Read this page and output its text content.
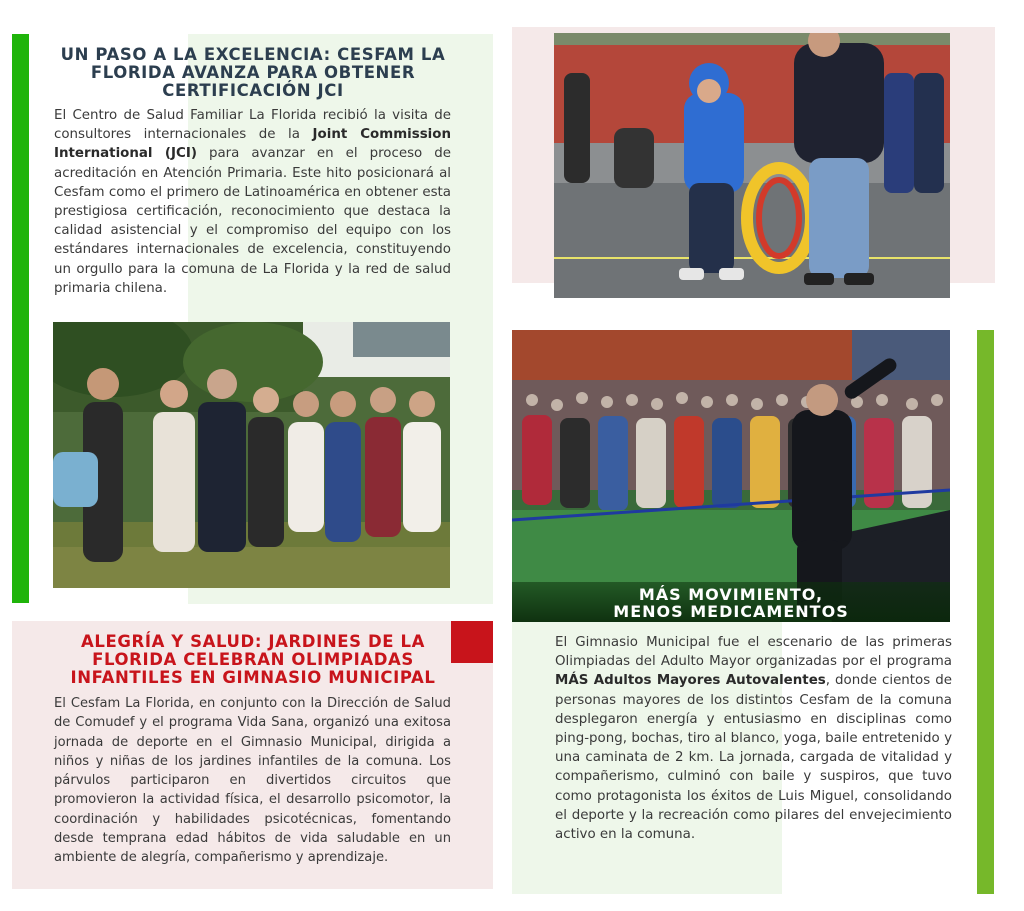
UN PASO A LA EXCELENCIA: CESFAM LA
FLORIDA AVANZA PARA OBTENER
CERTIFICACIÓN JCI
El Centro de Salud Familiar La Florida recibió la visita de consultores internacionales de la Joint Commission International (JCI) para avanzar en el proceso de acreditación en Atención Primaria. Este hito posicionará al Cesfam como el primero de Latinoamérica en obtener esta prestigiosa certificación, reconocimiento que destaca la calidad asistencial y el compromiso del equipo con los estándares internacionales de excelencia, constituyendo un orgullo para la comuna de La Florida y la red de salud primaria chilena.
MÁS MOVIMIENTO,
MENOS MEDICAMENTOS
ALEGRÍA Y SALUD: JARDINES DE LA
FLORIDA CELEBRAN OLIMPIADAS
INFANTILES EN GIMNASIO MUNICIPAL
El Cesfam La Florida, en conjunto con la Dirección de Salud de Comudef y el programa Vida Sana, organizó una exitosa jornada de deporte en el Gimnasio Municipal, dirigida a niños y niñas de los jardines infantiles de la comuna. Los párvulos participaron en divertidos circuitos que promovieron la actividad física, el desarrollo psicomotor, la coordinación y habilidades psicotécnicas, fomentando desde temprana edad hábitos de vida saludable en un ambiente de alegría, compañerismo y aprendizaje.
El Gimnasio Municipal fue el escenario de las primeras Olimpiadas del Adulto Mayor organizadas por el programa MÁS Adultos Mayores Autovalentes, donde cientos de personas mayores de los distintos Cesfam de la comuna desplegaron energía y entusiasmo en disciplinas como ping-pong, bochas, tiro al blanco, yoga, baile entretenido y una caminata de 2 km. La jornada, cargada de vitalidad y compañerismo, culminó con baile y suspiros, que tuvo como protagonista los éxitos de Luis Miguel, consolidando el deporte y la recreación como pilares del envejecimiento activo en la comuna.
